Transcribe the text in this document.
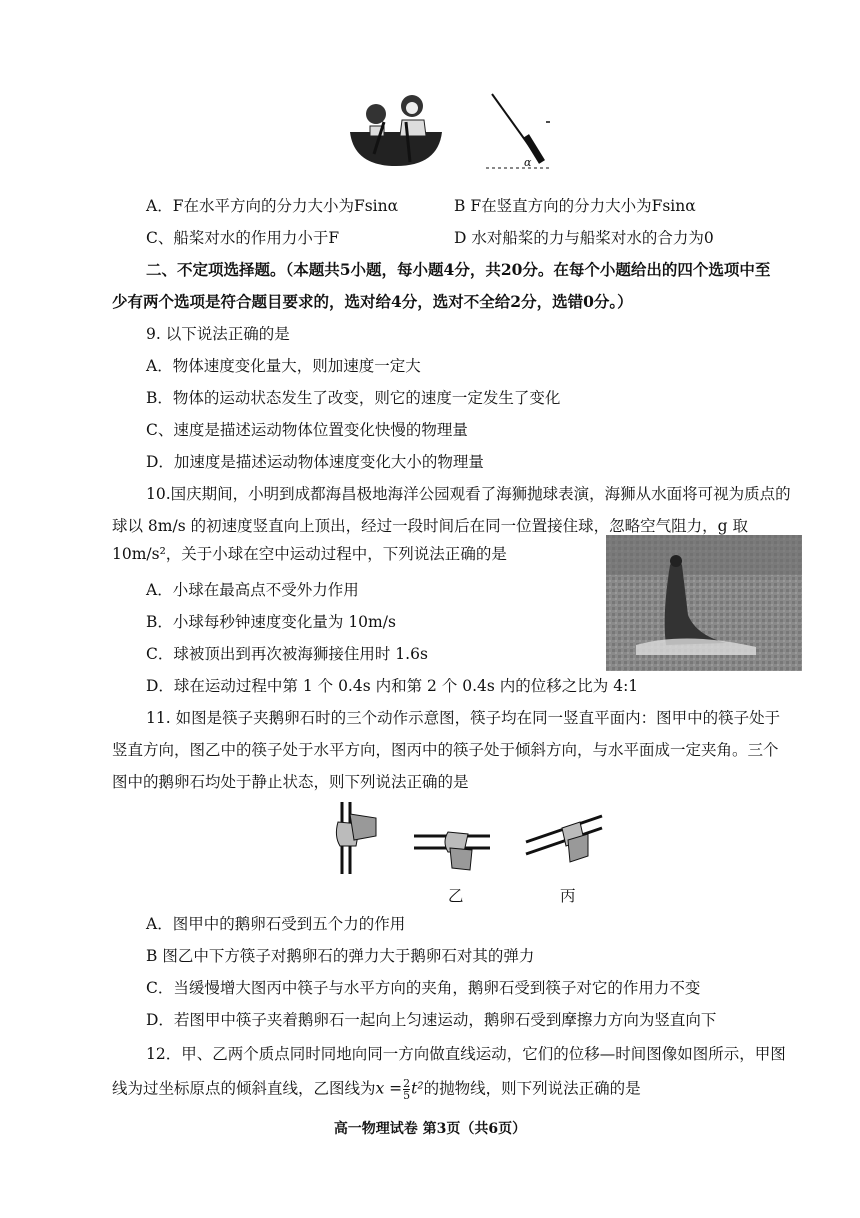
α
A．F在水平方向的分力大小为Fsinα	B F在竖直方向的分力大小为Fsinα
C、船桨对水的作用力小于F	D 水对船桨的力与船桨对水的合力为0
二、不定项选择题。（本题共5小题，每小题4分，共20分。在每个小题给出的四个选项中至
少有两个选项是符合题目要求的，选对给4分，选对不全给2分，选错0分。）
9. 以下说法正确的是
A．物体速度变化量大，则加速度一定大
B．物体的运动状态发生了改变，则它的速度一定发生了变化
C、速度是描述运动物体位置变化快慢的物理量
D．加速度是描述运动物体速度变化大小的物理量
10.国庆期间，小明到成都海昌极地海洋公园观看了海狮抛球表演，海狮从水面将可视为质点的
球以 8m/s 的初速度竖直向上顶出，经过一段时间后在同一位置接住球，忽略空气阻力，g 取
10m/s²，关于小球在空中运动过程中，下列说法正确的是
A．小球在最高点不受外力作用
B．小球每秒钟速度变化量为 10m/s
C．球被顶出到再次被海狮接住用时 1.6s
D．球在运动过程中第 1 个 0.4s 内和第 2 个 0.4s 内的位移之比为 4:1
11. 如图是筷子夹鹅卵石时的三个动作示意图，筷子均在同一竖直平面内：图甲中的筷子处于
竖直方向，图乙中的筷子处于水平方向，图丙中的筷子处于倾斜方向，与水平面成一定夹角。三个
图中的鹅卵石均处于静止状态，则下列说法正确的是
乙	丙
A．图甲中的鹅卵石受到五个力的作用
B 图乙中下方筷子对鹅卵石的弹力大于鹅卵石对其的弹力
C．当缓慢增大图丙中筷子与水平方向的夹角，鹅卵石受到筷子对它的作用力不变
D．若图甲中筷子夹着鹅卵石一起向上匀速运动，鹅卵石受到摩擦力方向为竖直向下
12．甲、乙两个质点同时同地向同一方向做直线运动，它们的位移—时间图像如图所示，甲图
线为过坐标原点的倾斜直线，乙图线为$x = \frac{2}{5} t^2$的抛物线，则下列说法正确的是
高一物理试卷 第3页（共6页）
